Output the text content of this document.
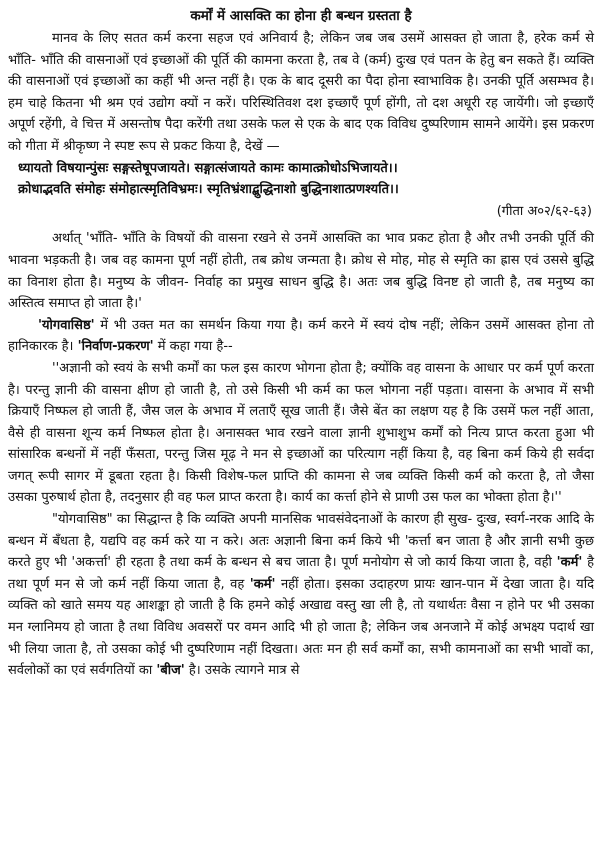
कर्मों में आसक्ति का होना ही बन्धन ग्रस्तता है

मानव के लिए सतत कर्म करना सहज एवं अनिवार्य है; लेकिन जब जब उसमें आसक्त हो जाता है, हरेक कर्म से भाँति- भाँति की वासनाओं एवं इच्छाओं की पूर्ति की कामना करता है, तब वे (कर्म) दुःख एवं पतन के हेतु बन सकते हैं। व्यक्ति की वासनाओं एवं इच्छाओं का कहीं भी अन्त नहीं है। एक के बाद दूसरी का पैदा होना स्वाभाविक है। उनकी पूर्ति असम्भव है। हम चाहे कितना भी श्रम एवं उद्योग क्यों न करें। परिस्थितिवश दश इच्छाएँ पूर्ण होंगी, तो दश अधूरी रह जायेंगी। जो इच्छाएँ अपूर्ण रहेंगी, वे चित्त में असन्तोष पैदा करेंगी तथा उसके फल से एक के बाद एक विविध दुष्परिणाम सामने आयेंगे। इस प्रकरण को गीता में श्रीकृष्ण ने स्पष्ट रूप से प्रकट किया है, देखें —

ध्यायतो विषयान्पुंसः सङ्गस्तेषूपजायते। सङ्गात्संजायते कामः कामात्क्रोधोऽभिजायते।।

क्रोधाद्भवति संमोहः संमोहात्स्मृतिविभ्रमः। स्मृतिभ्रंशाद्बुद्धिनाशो बुद्धिनाशात्प्रणश्यति।।

(गीता अ०२/६२-६३)

अर्थात् 'भाँति- भाँति के विषयों की वासना रखने से उनमें आसक्ति का भाव प्रकट होता है और तभी उनकी पूर्ति की भावना भड़कती है। जब वह कामना पूर्ण नहीं होती, तब क्रोध जन्मता है। क्रोध से मोह, मोह से स्मृति का ह्रास एवं उससे बुद्धि का विनाश होता है। मनुष्य के जीवन- निर्वाह का प्रमुख साधन बुद्धि है। अतः जब बुद्धि विनष्ट हो जाती है, तब मनुष्य का अस्तित्व समाप्त हो जाता है।'

'योगवासिष्ठ' में भी उक्त मत का समर्थन किया गया है। कर्म करने में स्वयं दोष नहीं; लेकिन उसमें आसक्त होना तो हानिकारक है। 'निर्वाण-प्रकरण' में कहा गया है--

''अज्ञानी को स्वयं के सभी कर्मों का फल इस कारण भोगना होता है; क्योंकि वह वासना के आधार पर कर्म पूर्ण करता है। परन्तु ज्ञानी की वासना क्षीण हो जाती है, तो उसे किसी भी कर्म का फल भोगना नहीं पड़ता। वासना के अभाव में सभी क्रियाएँ निष्फल हो जाती हैं, जैस जल के अभाव में लताएँ सूख जाती हैं। जैसे बेंत का लक्षण यह है कि उसमें फल नहीं आता, वैसे ही वासना शून्य कर्म निष्फल होता है। अनासक्त भाव रखने वाला ज्ञानी शुभाशुभ कर्मों को नित्य प्राप्त करता हुआ भी सांसारिक बन्धनों में नहीं फँसता, परन्तु जिस मूढ़ ने मन से इच्छाओं का परित्याग नहीं किया है, वह बिना कर्म किये ही सर्वदा जगत् रूपी सागर में डूबता रहता है। किसी विशेष-फल प्राप्ति की कामना से जब व्यक्ति किसी कर्म को करता है, तो जैसा उसका पुरुषार्थ होता है, तदनुसार ही वह फल प्राप्त करता है। कार्य का कर्त्ता होने से प्राणी उस फल का भोक्ता होता है।''

"योगवासिष्ठ" का सिद्धान्त है कि व्यक्ति अपनी मानसिक भावसंवेदनाओं के कारण ही सुख- दुःख, स्वर्ग-नरक आदि के बन्धन में बँधता है, यद्यपि वह कर्म करे या न करे। अतः अज्ञानी बिना कर्म किये भी 'कर्त्ता बन जाता है और ज्ञानी सभी कुछ करते हुए भी 'अकर्त्ता' ही रहता है तथा कर्म के बन्धन से बच जाता है। पूर्ण मनोयोग से जो कार्य किया जाता है, वही 'कर्म' है तथा पूर्ण मन से जो कर्म नहीं किया जाता है, वह 'कर्म' नहीं होता। इसका उदाहरण प्रायः खान-पान में देखा जाता है। यदि व्यक्ति को खाते समय यह आशङ्का हो जाती है कि हमने कोई अखाद्य वस्तु खा ली है, तो यथार्थतः वैसा न होने पर भी उसका मन ग्लानिमय हो जाता है तथा विविध अवसरों पर वमन आदि भी हो जाता है; लेकिन जब अनजाने में कोई अभक्ष्य पदार्थ खा भी लिया जाता है, तो उसका कोई भी दुष्परिणाम नहीं दिखता। अतः मन ही सर्व कर्मों का, सभी कामनाओं का सभी भावों का, सर्वलोकों का एवं सर्वगतियों का 'बीज' है। उसके त्यागने मात्र से
